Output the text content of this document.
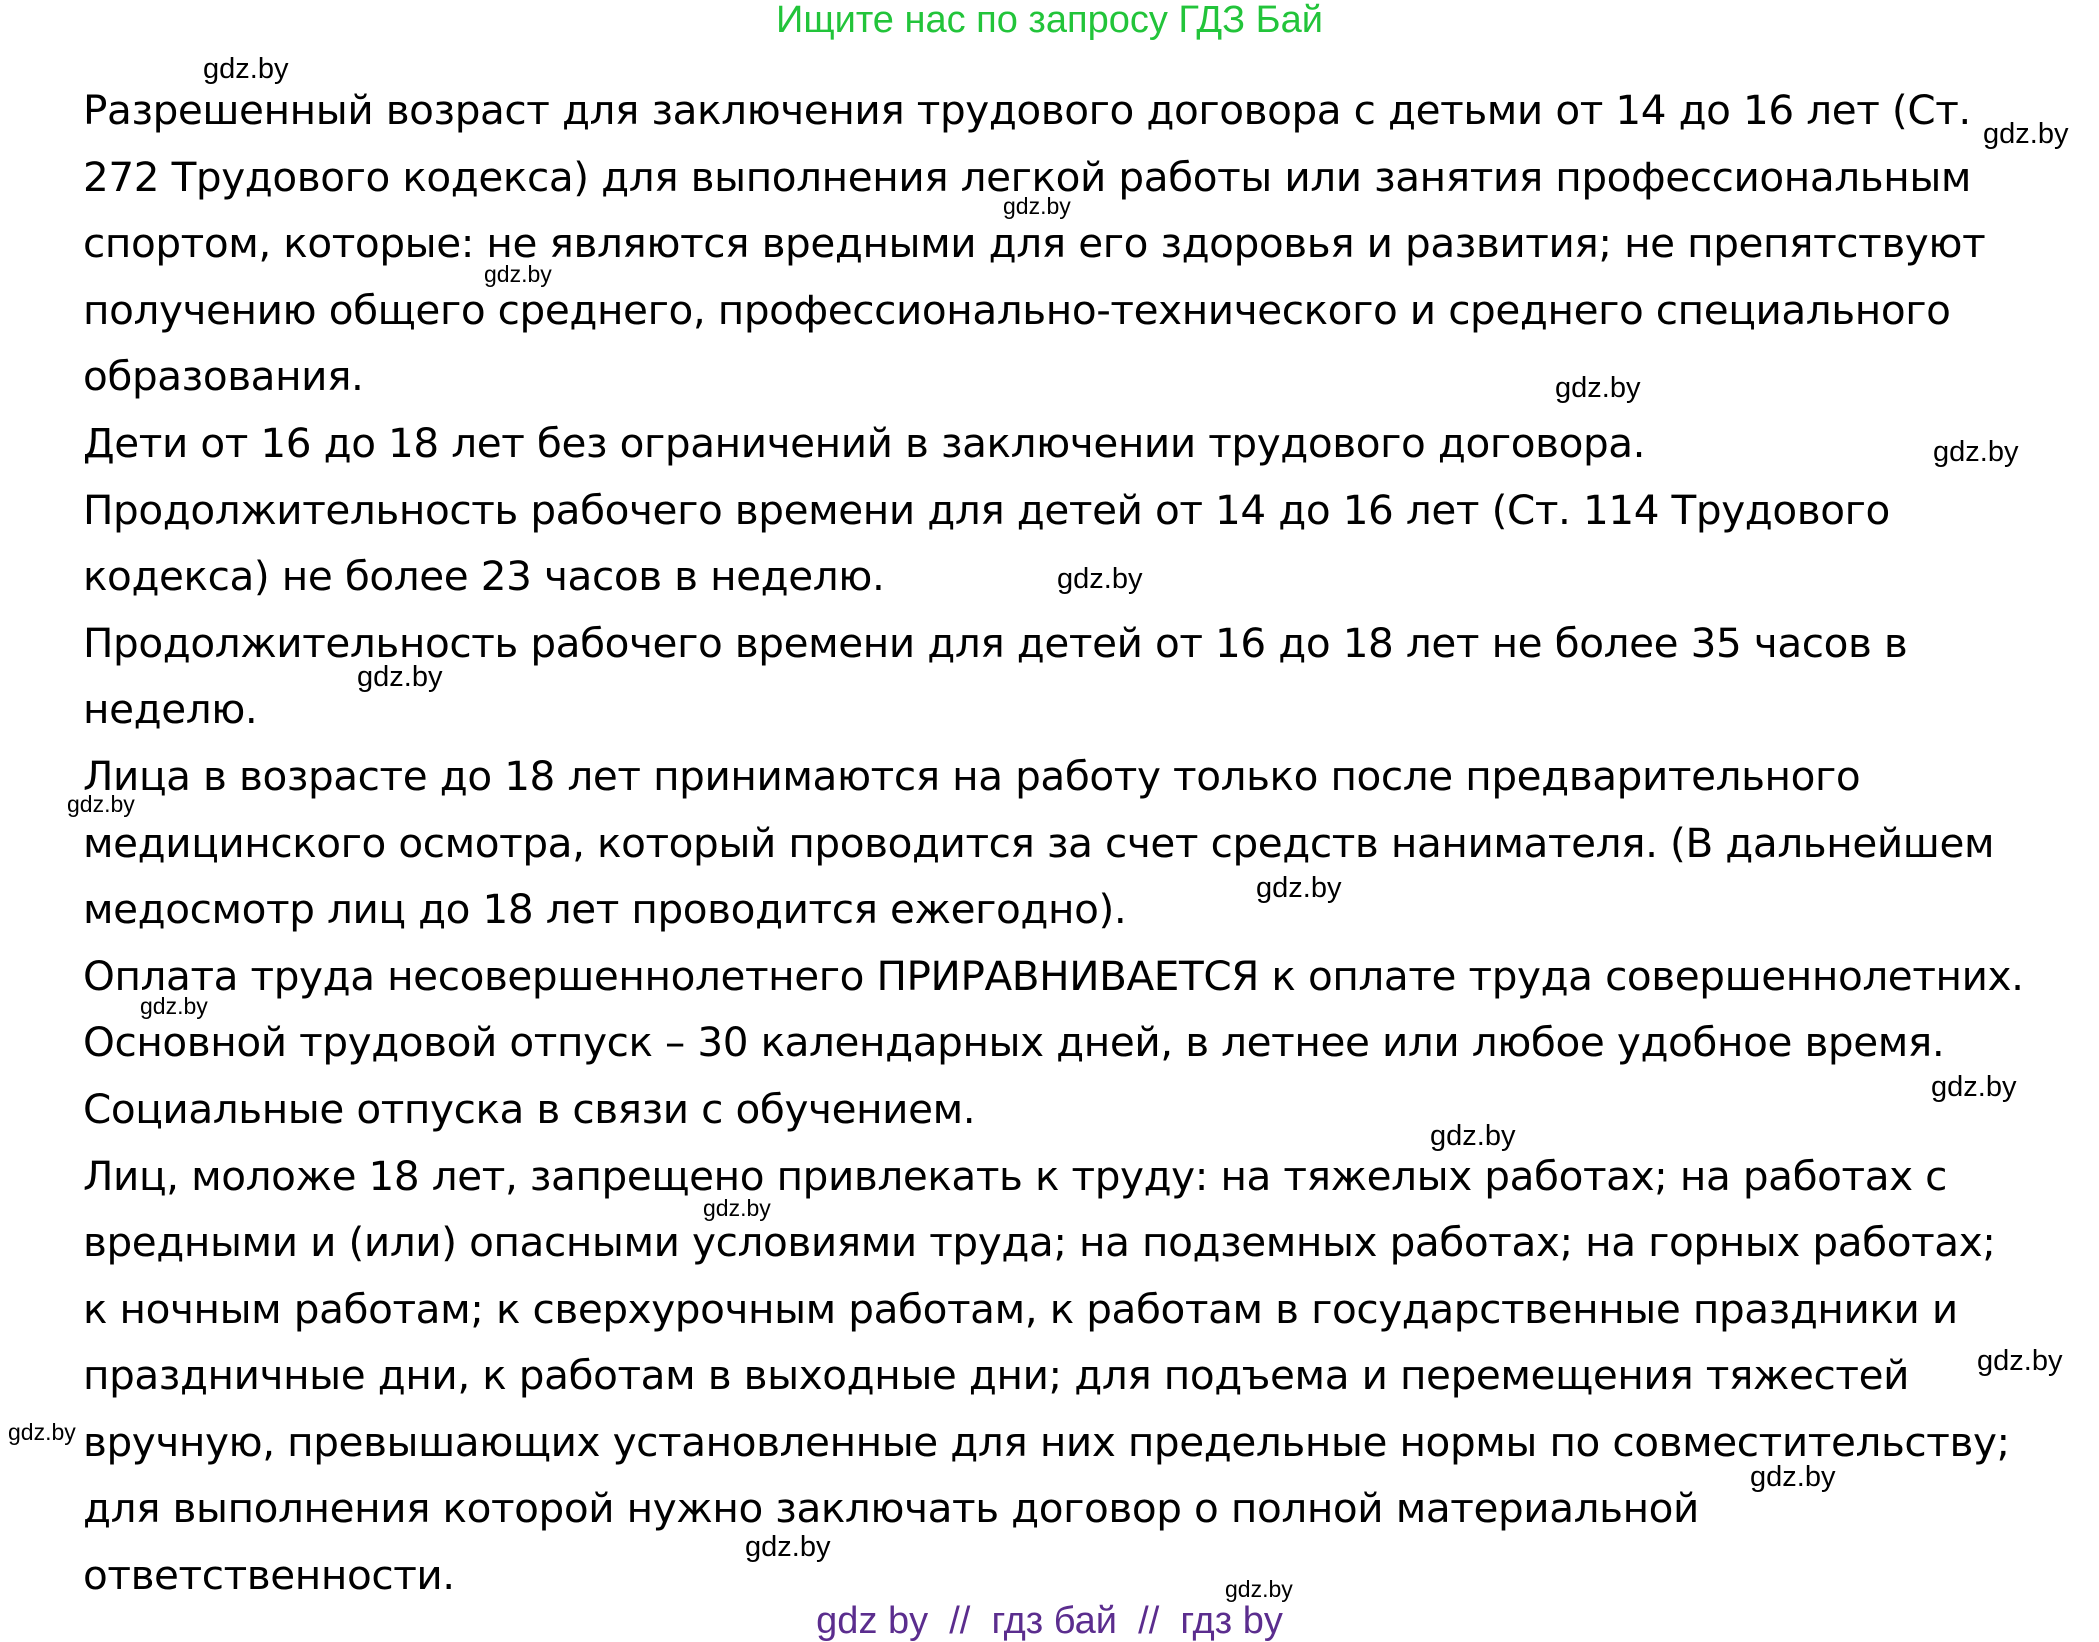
Ищите нас по запросу ГДЗ Бай
Разрешенный возраст для заключения трудового договора с детьми от 14 до 16 лет (Ст.
272 Трудового кодекса) для выполнения легкой работы или занятия профессиональным
спортом, которые: не являются вредными для его здоровья и развития; не препятствуют
получению общего среднего, профессионально-технического и среднего специального
образования.
Дети от 16 до 18 лет без ограничений в заключении трудового договора.
Продолжительность рабочего времени для детей от 14 до 16 лет (Ст. 114 Трудового
кодекса) не более 23 часов в неделю.
Продолжительность рабочего времени для детей от 16 до 18 лет не более 35 часов в
неделю.
Лица в возрасте до 18 лет принимаются на работу только после предварительного
медицинского осмотра, который проводится за счет средств нанимателя. (В дальнейшем
медосмотр лиц до 18 лет проводится ежегодно).
Оплата труда несовершеннолетнего ПРИРАВНИВАЕТСЯ к оплате труда совершеннолетних.
Основной трудовой отпуск – 30 календарных дней, в летнее или любое удобное время.
Социальные отпуска в связи с обучением.
Лиц, моложе 18 лет, запрещено привлекать к труду: на тяжелых работах; на работах с
вредными и (или) опасными условиями труда; на подземных работах; на горных работах;
к ночным работам; к сверхурочным работам, к работам в государственные праздники и
праздничные дни, к работам в выходные дни; для подъема и перемещения тяжестей
вручную, превышающих установленные для них предельные нормы по совместительству;
для выполнения которой нужно заключать договор о полной материальной
ответственности.
gdz.by
gdz.by
gdz.by
gdz.by
gdz.by
gdz.by
gdz.by
gdz.by
gdz.by
gdz.by
gdz.by
gdz.by
gdz.by
gdz.by
gdz.by
gdz.by
gdz.by
gdz.by
gdz.by
gdz by  //  гдз бай  //  гдз by
